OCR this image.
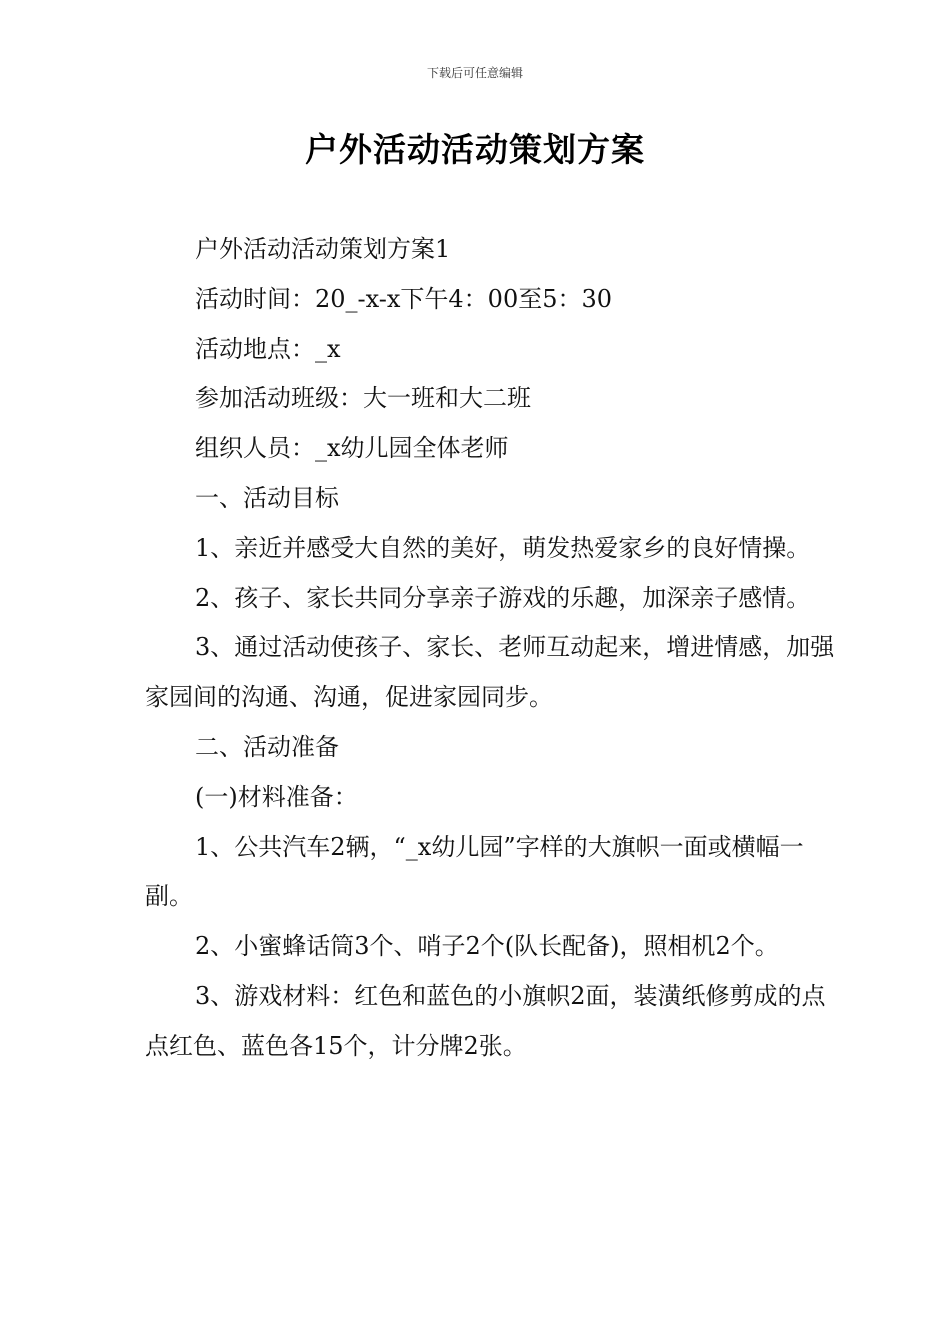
下载后可任意编辑
户外活动活动策划方案

户外活动活动策划方案1

活动时间：20_-x-x下午4：00至5：30

活动地点：_x

参加活动班级：大一班和大二班

组织人员：_x幼儿园全体老师

一、活动目标

1、亲近并感受大自然的美好，萌发热爱家乡的良好情操。

2、孩子、家长共同分享亲子游戏的乐趣，加深亲子感情。

3、通过活动使孩子、家长、老师互动起来，增进情感，加强家园间的沟通、沟通，促进家园同步。

二、活动准备

(一)材料准备：

1、公共汽车2辆，“_x幼儿园”字样的大旗帜一面或横幅一副。

2、小蜜蜂话筒3个、哨子2个(队长配备)，照相机2个。

3、游戏材料：红色和蓝色的小旗帜2面，装潢纸修剪成的点点红色、蓝色各15个，计分牌2张。
